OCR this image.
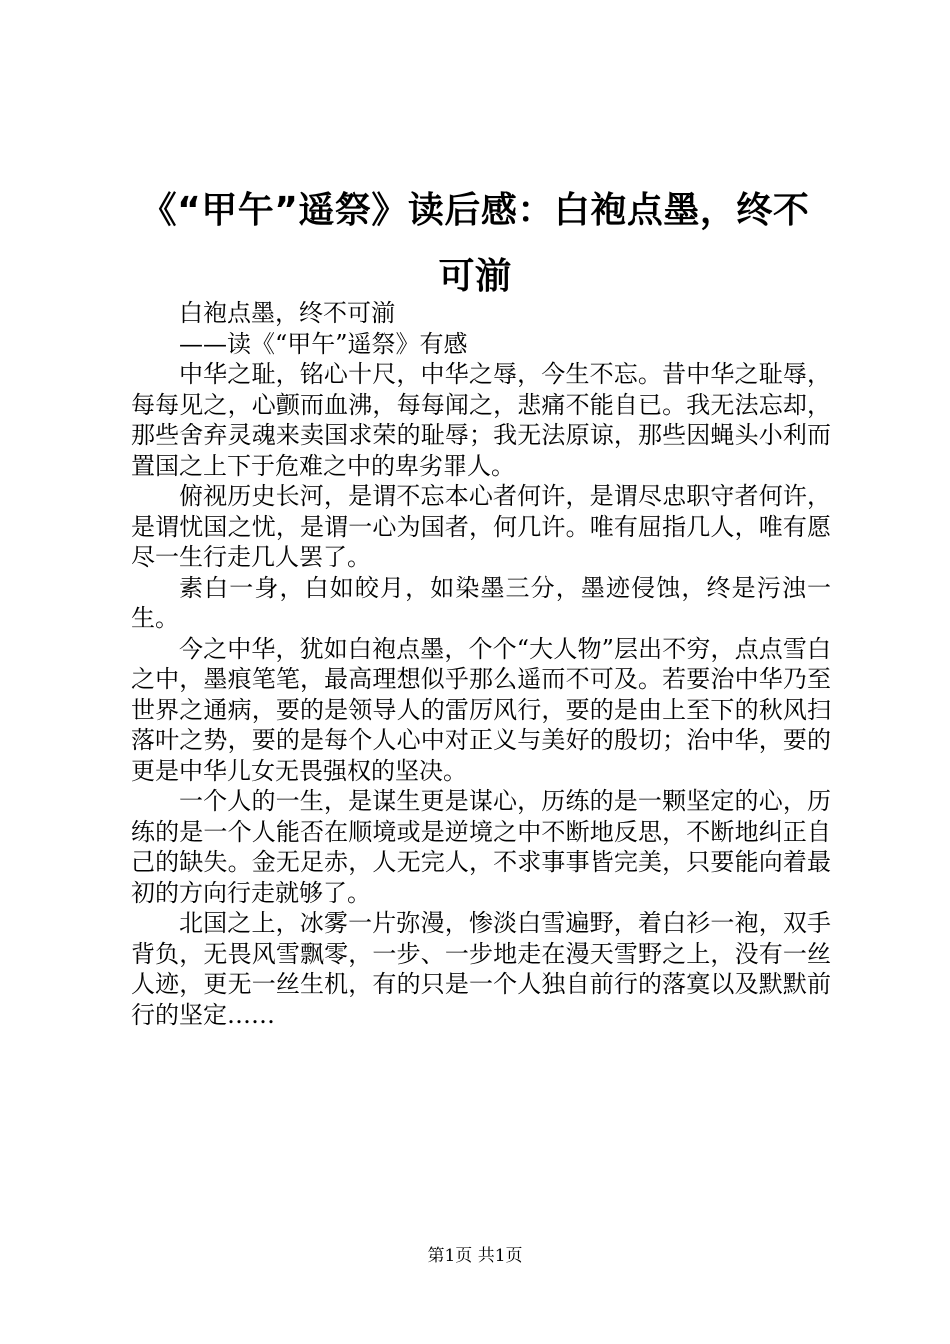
《“甲午”遥祭》读后感：白袍点墨，终不可湔

白袍点墨，终不可湔

——读《“甲午”遥祭》有感

中华之耻，铭心十尺，中华之辱，今生不忘。昔中华之耻辱，每每见之，心颤而血沸，每每闻之，悲痛不能自已。我无法忘却，那些舍弃灵魂来卖国求荣的耻辱；我无法原谅，那些因蝇头小利而置国之上下于危难之中的卑劣罪人。

俯视历史长河，是谓不忘本心者何许，是谓尽忠职守者何许，是谓忧国之忧，是谓一心为国者，何几许。唯有屈指几人，唯有愿尽一生行走几人罢了。

素白一身，白如皎月，如染墨三分，墨迹侵蚀，终是污浊一生。

今之中华，犹如白袍点墨，个个“大人物”层出不穷，点点雪白之中，墨痕笔笔，最高理想似乎那么遥而不可及。若要治中华乃至世界之通病，要的是领导人的雷厉风行，要的是由上至下的秋风扫落叶之势，要的是每个人心中对正义与美好的殷切；治中华，要的更是中华儿女无畏强权的坚决。

一个人的一生，是谋生更是谋心，历练的是一颗坚定的心，历练的是一个人能否在顺境或是逆境之中不断地反思，不断地纠正自己的缺失。金无足赤，人无完人，不求事事皆完美，只要能向着最初的方向行走就够了。

北国之上，冰雾一片弥漫，惨淡白雪遍野，着白衫一袍，双手背负，无畏风雪飘零，一步、一步地走在漫天雪野之上，没有一丝人迹，更无一丝生机，有的只是一个人独自前行的落寞以及默默前行的坚定……

第1页 共1页
